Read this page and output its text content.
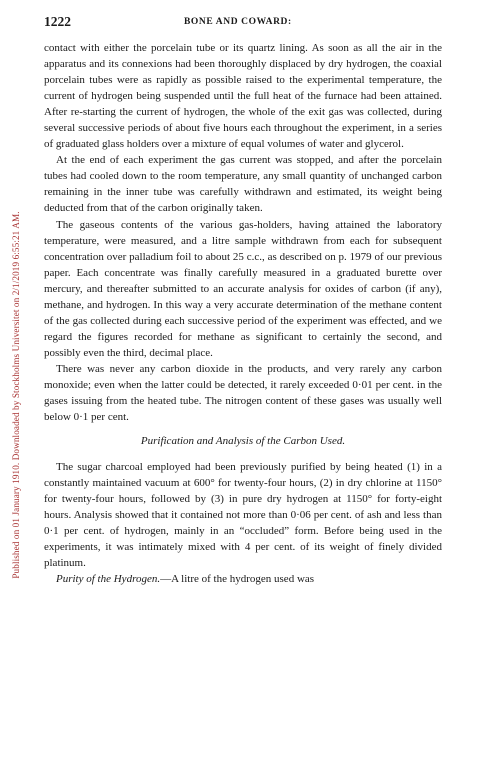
Published on 01 January 1910. Downloaded by Stockholms Universitet on 2/1/2019 6:55:21 AM.
1222	BONE AND COWARD:

contact with either the porcelain tube or its quartz lining. As soon as all the air in the apparatus and its connexions had been thoroughly displaced by dry hydrogen, the coaxial porcelain tubes were as rapidly as possible raised to the experimental temperature, the current of hydrogen being suspended until the full heat of the furnace had been attained. After re-starting the current of hydrogen, the whole of the exit gas was collected, during several successive periods of about five hours each throughout the experiment, in a series of graduated glass holders over a mixture of equal volumes of water and glycerol.

At the end of each experiment the gas current was stopped, and after the porcelain tubes had cooled down to the room temperature, any small quantity of unchanged carbon remaining in the inner tube was carefully withdrawn and estimated, its weight being deducted from that of the carbon originally taken.

The gaseous contents of the various gas-holders, having attained the laboratory temperature, were measured, and a litre sample withdrawn from each for subsequent concentration over palladium foil to about 25 c.c., as described on p. 1979 of our previous paper. Each concentrate was finally carefully measured in a graduated burette over mercury, and thereafter submitted to an accurate analysis for oxides of carbon (if any), methane, and hydrogen. In this way a very accurate determination of the methane content of the gas collected during each successive period of the experiment was effected, and we regard the figures recorded for methane as significant to certainly the second, and possibly even the third, decimal place.

There was never any carbon dioxide in the products, and very rarely any carbon monoxide; even when the latter could be detected, it rarely exceeded 0·01 per cent. in the gases issuing from the heated tube. The nitrogen content of these gases was usually well below 0·1 per cent.

Purification and Analysis of the Carbon Used.

The sugar charcoal employed had been previously purified by being heated (1) in a constantly maintained vacuum at 600° for twenty-four hours, (2) in dry chlorine at 1150° for twenty-four hours, followed by (3) in pure dry hydrogen at 1150° for forty-eight hours. Analysis showed that it contained not more than 0·06 per cent. of ash and less than 0·1 per cent. of hydrogen, mainly in an “occluded” form. Before being used in the experiments, it was intimately mixed with 4 per cent. of its weight of finely divided platinum.

Purity of the Hydrogen.—A litre of the hydrogen used was
